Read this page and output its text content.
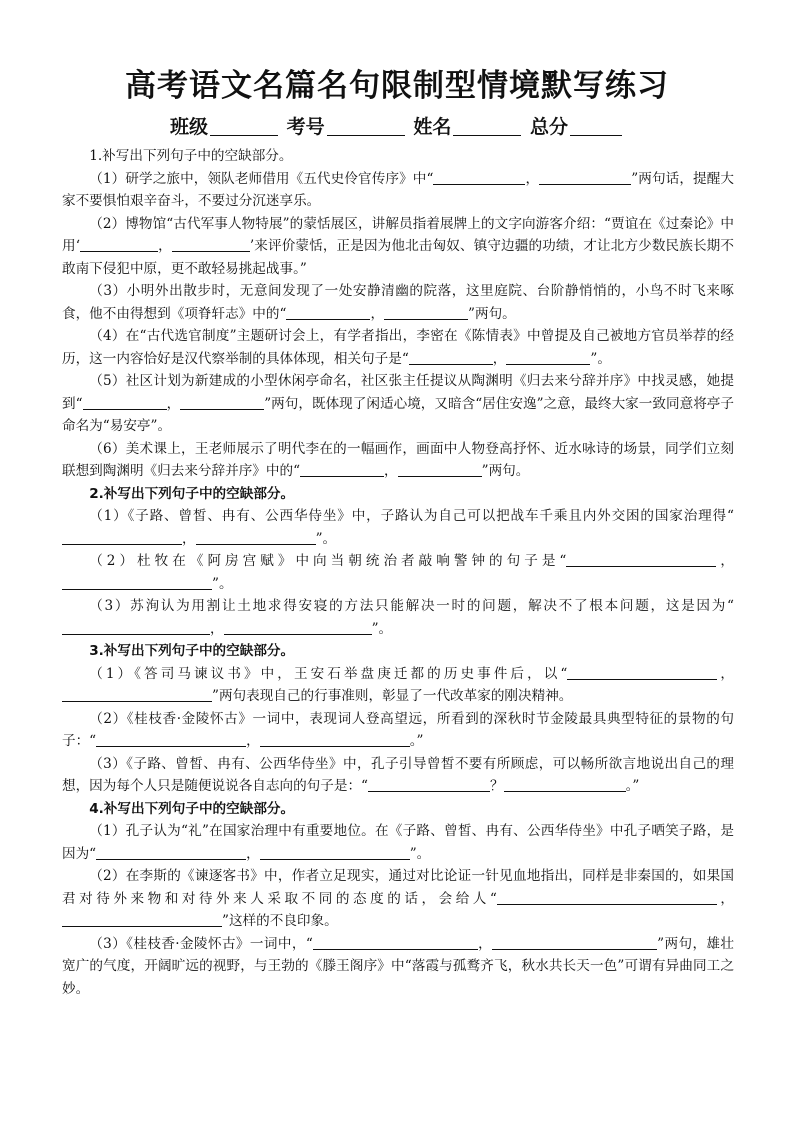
高考语文名篇名句限制型情境默写练习
班级	考号	姓名	总分

1.补写出下列句子中的空缺部分。

（1）研学之旅中，领队老师借用《五代史伶官传序》中“	，	”两句话，提醒大家不要惧怕艰辛奋斗，不要过分沉迷享乐。

（2）博物馆“古代军事人物特展”的蒙恬展区，讲解员指着展牌上的文字向游客介绍：“贾谊在《过秦论》中用‘	，	’来评价蒙恬，正是因为他北击匈奴、镇守边疆的功绩，才让北方少数民族长期不敢南下侵犯中原，更不敢轻易挑起战事。”

（3）小明外出散步时，无意间发现了一处安静清幽的院落，这里庭院、台阶静悄悄的，小鸟不时飞来啄食，他不由得想到《项脊轩志》中的“	，	”两句。

（4）在“古代选官制度”主题研讨会上，有学者指出，李密在《陈情表》中曾提及自己被地方官员举荐的经历，这一内容恰好是汉代察举制的具体体现，相关句子是“	，	”。

（5）社区计划为新建成的小型休闲亭命名，社区张主任提议从陶渊明《归去来兮辞并序》中找灵感，她提到“	，	”两句，既体现了闲适心境，又暗含“居住安逸”之意，最终大家一致同意将亭子命名为“易安亭”。

（6）美术课上，王老师展示了明代李在的一幅画作，画面中人物登高抒怀、近水咏诗的场景，同学们立刻联想到陶渊明《归去来兮辞并序》中的“	，	”两句。

2.补写出下列句子中的空缺部分。

（1）《子路、曾皙、冉有、公西华侍坐》中，子路认为自己可以把战车千乘且内外交困的国家治理得“，	”。

（2）杜牧在《阿房宫赋》中向当朝统治者敲响警钟的句子是“	，”。

（3）苏洵认为用割让土地求得安寝的方法只能解决一时的问题，解决不了根本问题，这是因为“，	”。

3.补写出下列句子中的空缺部分。

（1）《答司马谏议书》中，王安石举盘庚迁都的历史事件后，以“	，”两句表现自己的行事准则，彰显了一代改革家的刚决精神。

（2）《桂枝香·金陵怀古》一词中，表现词人登高望远，所看到的深秋时节金陵最具典型特征的景物的句子：“	，	。”

（3）《子路、曾皙、冉有、公西华侍坐》中，孔子引导曾皙不要有所顾虑，可以畅所欲言地说出自己的理想，因为每个人只是随便说说各自志向的句子是：“	？	。”

4.补写出下列句子中的空缺部分。

（1）孔子认为“礼”在国家治理中有重要地位。在《子路、曾皙、冉有、公西华侍坐》中孔子哂笑子路，是因为“	，	”。

（2）在李斯的《谏逐客书》中，作者立足现实，通过对比论证一针见血地指出，同样是非秦国的，如果国君对待外来物和对待外来人采取不同的态度的话，会给人“	，”这样的不良印象。

（3）《桂枝香·金陵怀古》一词中，“	，	”两句，雄壮宽广的气度，开阔旷远的视野，与王勃的《滕王阁序》中“落霞与孤鹜齐飞，秋水共长天一色”可谓有异曲同工之妙。
